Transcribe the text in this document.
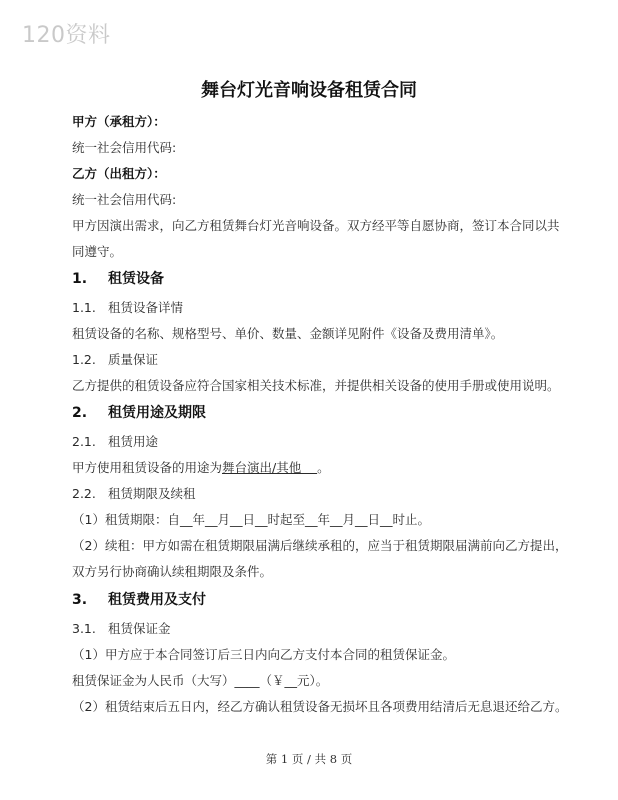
120资料
舞台灯光音响设备租赁合同
甲方（承租方）：
统一社会信用代码:
乙方（出租方）：
统一社会信用代码:
甲方因演出需求，向乙方租赁舞台灯光音响设备。双方经平等自愿协商，签订本合同以共
同遵守。
1. 租赁设备
1.1. 租赁设备详情
租赁设备的名称、规格型号、单价、数量、金额详见附件《设备及费用清单》。
1.2. 质量保证
乙方提供的租赁设备应符合国家相关技术标准，并提供相关设备的使用手册或使用说明。
2. 租赁用途及期限
2.1. 租赁用途
甲方使用租赁设备的用途为舞台演出/其他    。
2.2. 租赁期限及续租
（1）租赁期限：自__年__月__日__时起至__年__月__日__时止。
（2）续租：甲方如需在租赁期限届满后继续承租的，应当于租赁期限届满前向乙方提出，
双方另行协商确认续租期限及条件。
3. 租赁费用及支付
3.1. 租赁保证金
（1）甲方应于本合同签订后三日内向乙方支付本合同的租赁保证金。
租赁保证金为人民币（大写）____（￥__元）。
（2）租赁结束后五日内，经乙方确认租赁设备无损坏且各项费用结清后无息退还给乙方。
第 1 页 / 共 8 页
